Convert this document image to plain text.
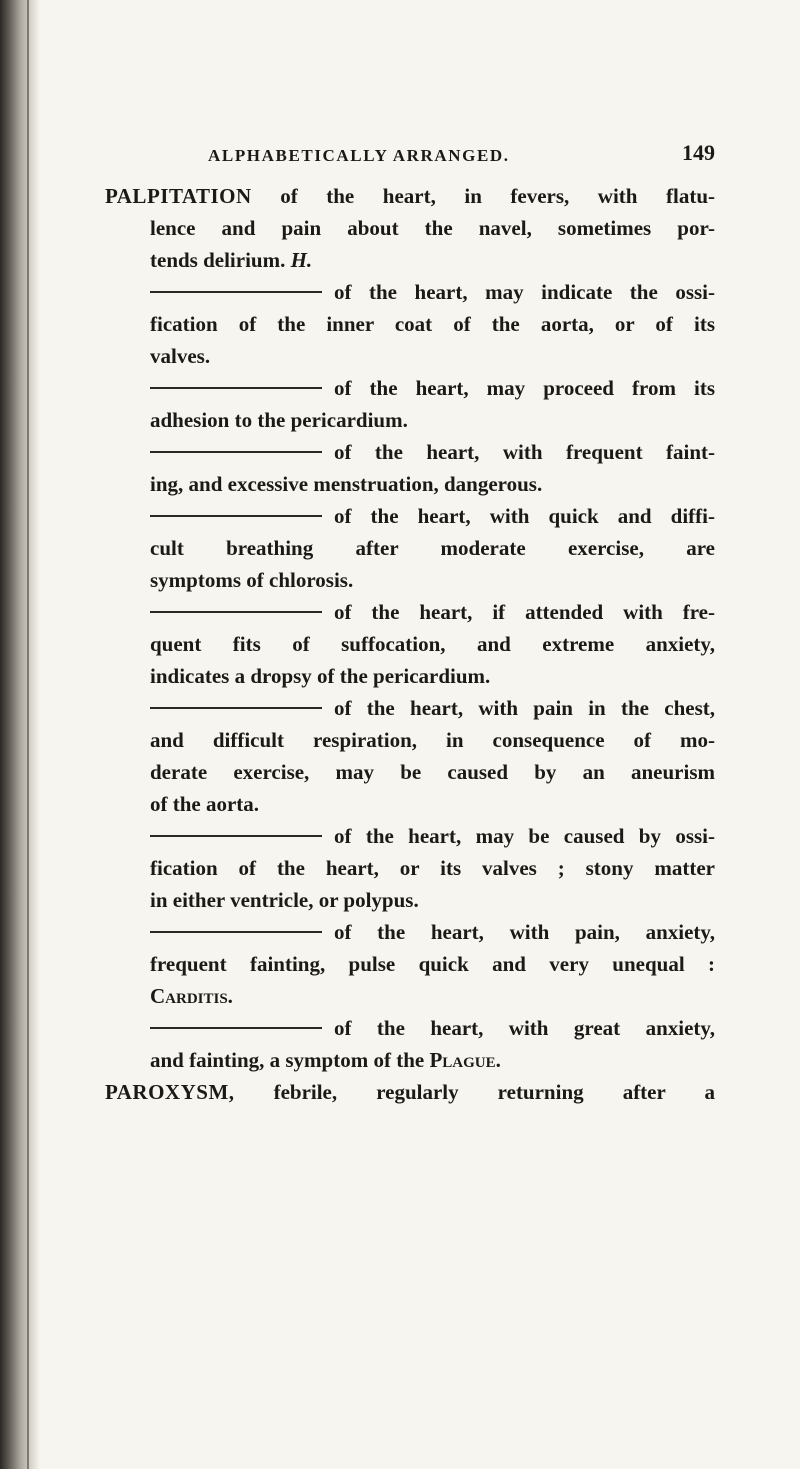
ALPHABETICALLY ARRANGED.	149
PALPITATION of the heart, in fevers, with flatu-
lence and pain about the navel, sometimes por-
tends delirium. H.
of the heart, may indicate the ossi-
fication of the inner coat of the aorta, or of its
valves.
of the heart, may proceed from its
adhesion to the pericardium.
of the heart, with frequent faint-
ing, and excessive menstruation, dangerous.
of the heart, with quick and diffi-
cult breathing after moderate exercise, are
symptoms of chlorosis.
of the heart, if attended with fre-
quent fits of suffocation, and extreme anxiety,
indicates a dropsy of the pericardium.
of the heart, with pain in the chest,
and difficult respiration, in consequence of mo-
derate exercise, may be caused by an aneurism
of the aorta.
of the heart, may be caused by ossi-
fication of the heart, or its valves ; stony matter
in either ventricle, or polypus.
of the heart, with pain, anxiety,
frequent fainting, pulse quick and very unequal :
Carditis.
of the heart, with great anxiety,
and fainting, a symptom of the Plague.
PAROXYSM, febrile, regularly returning after a
